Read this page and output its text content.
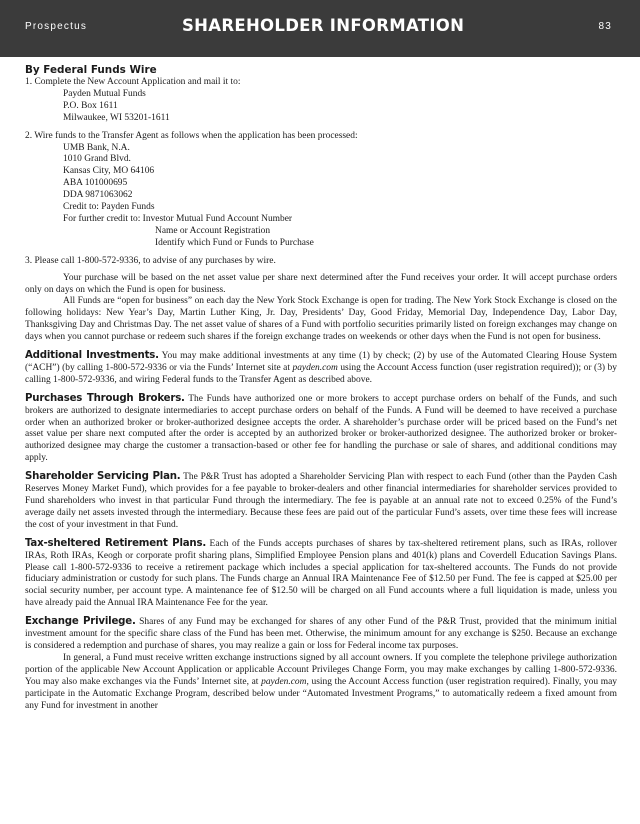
Prospectus	SHAREHOLDER INFORMATION	83
By Federal Funds Wire
1. Complete the New Account Application and mail it to:
Payden Mutual Funds
P.O. Box 1611
Milwaukee, WI 53201-1611
2. Wire funds to the Transfer Agent as follows when the application has been processed:
UMB Bank, N.A.
1010 Grand Blvd.
Kansas City, MO 64106
ABA 101000695
DDA 9871063062
Credit to: Payden Funds
For further credit to: Investor Mutual Fund Account Number
Name or Account Registration
Identify which Fund or Funds to Purchase
3. Please call 1-800-572-9336, to advise of any purchases by wire.

Your purchase will be based on the net asset value per share next determined after the Fund receives your order. It will accept purchase orders only on days on which the Fund is open for business.

All Funds are “open for business” on each day the New York Stock Exchange is open for trading. The New York Stock Exchange is closed on the following holidays: New Year’s Day, Martin Luther King, Jr. Day, Presidents’ Day, Good Friday, Memorial Day, Independence Day, Labor Day, Thanksgiving Day and Christmas Day. The net asset value of shares of a Fund with portfolio securities primarily listed on foreign exchanges may change on days when you cannot purchase or redeem such shares if the foreign exchange trades on weekends or other days when the Fund is not open for business.

Additional Investments. You may make additional investments at any time (1) by check; (2) by use of the Automated Clearing House System (“ACH”) (by calling 1-800-572-9336 or via the Funds’ Internet site at payden.com using the Account Access function (user registration required)); or (3) by calling 1-800-572-9336, and wiring Federal funds to the Transfer Agent as described above.

Purchases Through Brokers. The Funds have authorized one or more brokers to accept purchase orders on behalf of the Funds, and such brokers are authorized to designate intermediaries to accept purchase orders on behalf of the Funds. A Fund will be deemed to have received a purchase order when an authorized broker or broker-authorized designee accepts the order. A shareholder’s purchase order will be priced based on the Fund’s net asset value per share next computed after the order is accepted by an authorized broker or broker-authorized designee. The authorized broker or broker-authorized designee may charge the customer a transaction-based or other fee for handling the purchase or sale of shares, and additional conditions may apply.

Shareholder Servicing Plan. The P&R Trust has adopted a Shareholder Servicing Plan with respect to each Fund (other than the Payden Cash Reserves Money Market Fund), which provides for a fee payable to broker-dealers and other financial intermediaries for shareholder services provided to Fund shareholders who invest in that particular Fund through the intermediary. The fee is payable at an annual rate not to exceed 0.25% of the Fund’s average daily net assets invested through the intermediary. Because these fees are paid out of the particular Fund’s assets, over time these fees will increase the cost of your investment in that Fund.

Tax-sheltered Retirement Plans. Each of the Funds accepts purchases of shares by tax-sheltered retirement plans, such as IRAs, rollover IRAs, Roth IRAs, Keogh or corporate profit sharing plans, Simplified Employee Pension plans and 401(k) plans and Coverdell Education Savings Plans. Please call 1-800-572-9336 to receive a retirement package which includes a special application for tax-sheltered accounts. The Funds do not provide fiduciary administration or custody for such plans. The Funds charge an Annual IRA Maintenance Fee of $12.50 per Fund. The fee is capped at $25.00 per social security number, per account type. A maintenance fee of $12.50 will be charged on all Fund accounts where a full liquidation is made, unless you have already paid the Annual IRA Maintenance Fee for the year.

Exchange Privilege. Shares of any Fund may be exchanged for shares of any other Fund of the P&R Trust, provided that the minimum initial investment amount for the specific share class of the Fund has been met. Otherwise, the minimum amount for any exchange is $250. Because an exchange is considered a redemption and purchase of shares, you may realize a gain or loss for Federal income tax purposes.

In general, a Fund must receive written exchange instructions signed by all account owners. If you complete the telephone privilege authorization portion of the applicable New Account Application or applicable Account Privileges Change Form, you may make exchanges by calling 1-800-572-9336. You may also make exchanges via the Funds’ Internet site, at payden.com, using the Account Access function (user registration required). Finally, you may participate in the Automatic Exchange Program, described below under “Automated Investment Programs,” to automatically redeem a fixed amount from any Fund for investment in another
